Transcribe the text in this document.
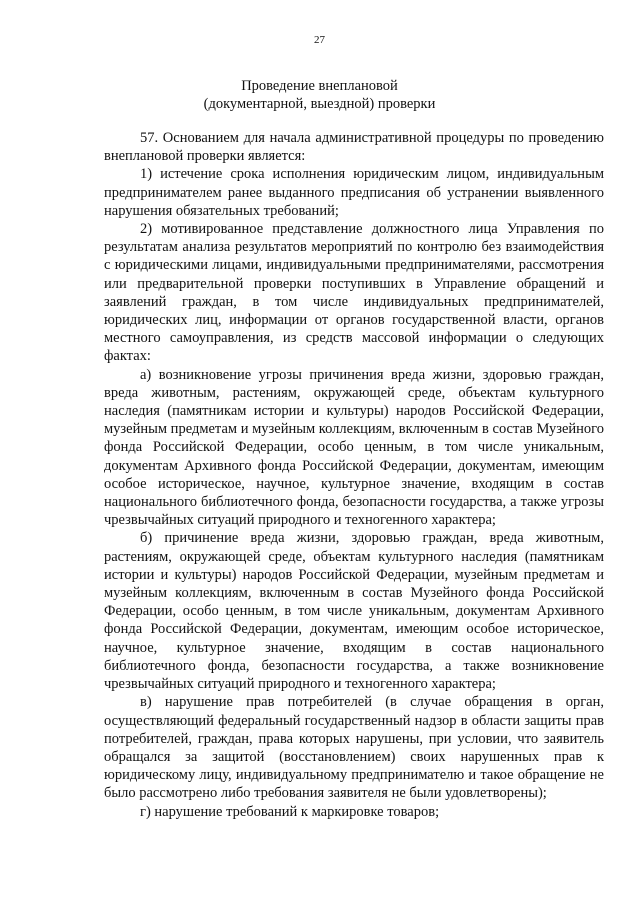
27
Проведение внеплановой
(документарной, выездной) проверки

57. Основанием для начала административной процедуры по проведению внеплановой проверки является:

1) истечение срока исполнения юридическим лицом, индивидуальным предпринимателем ранее выданного предписания об устранении выявленного нарушения обязательных требований;

2) мотивированное представление должностного лица Управления по результатам анализа результатов мероприятий по контролю без взаимодействия с юридическими лицами, индивидуальными предпринимателями, рассмотрения или предварительной проверки поступивших в Управление обращений и заявлений граждан, в том числе индивидуальных предпринимателей, юридических лиц, информации от органов государственной власти, органов местного самоуправления, из средств массовой информации о следующих фактах:

а) возникновение угрозы причинения вреда жизни, здоровью граждан, вреда животным, растениям, окружающей среде, объектам культурного наследия (памятникам истории и культуры) народов Российской Федерации, музейным предметам и музейным коллекциям, включенным в состав Музейного фонда Российской Федерации, особо ценным, в том числе уникальным, документам Архивного фонда Российской Федерации, документам, имеющим особое историческое, научное, культурное значение, входящим в состав национального библиотечного фонда, безопасности государства, а также угрозы чрезвычайных ситуаций природного и техногенного характера;

б) причинение вреда жизни, здоровью граждан, вреда животным, растениям, окружающей среде, объектам культурного наследия (памятникам истории и культуры) народов Российской Федерации, музейным предметам и музейным коллекциям, включенным в состав Музейного фонда Российской Федерации, особо ценным, в том числе уникальным, документам Архивного фонда Российской Федерации, документам, имеющим особое историческое, научное, культурное значение, входящим в состав национального библиотечного фонда, безопасности государства, а также возникновение чрезвычайных ситуаций природного и техногенного характера;

в) нарушение прав потребителей (в случае обращения в орган, осуществляющий федеральный государственный надзор в области защиты прав потребителей, граждан, права которых нарушены, при условии, что заявитель обращался за защитой (восстановлением) своих нарушенных прав к юридическому лицу, индивидуальному предпринимателю и такое обращение не было рассмотрено либо требования заявителя не были удовлетворены);

г) нарушение требований к маркировке товаров;
